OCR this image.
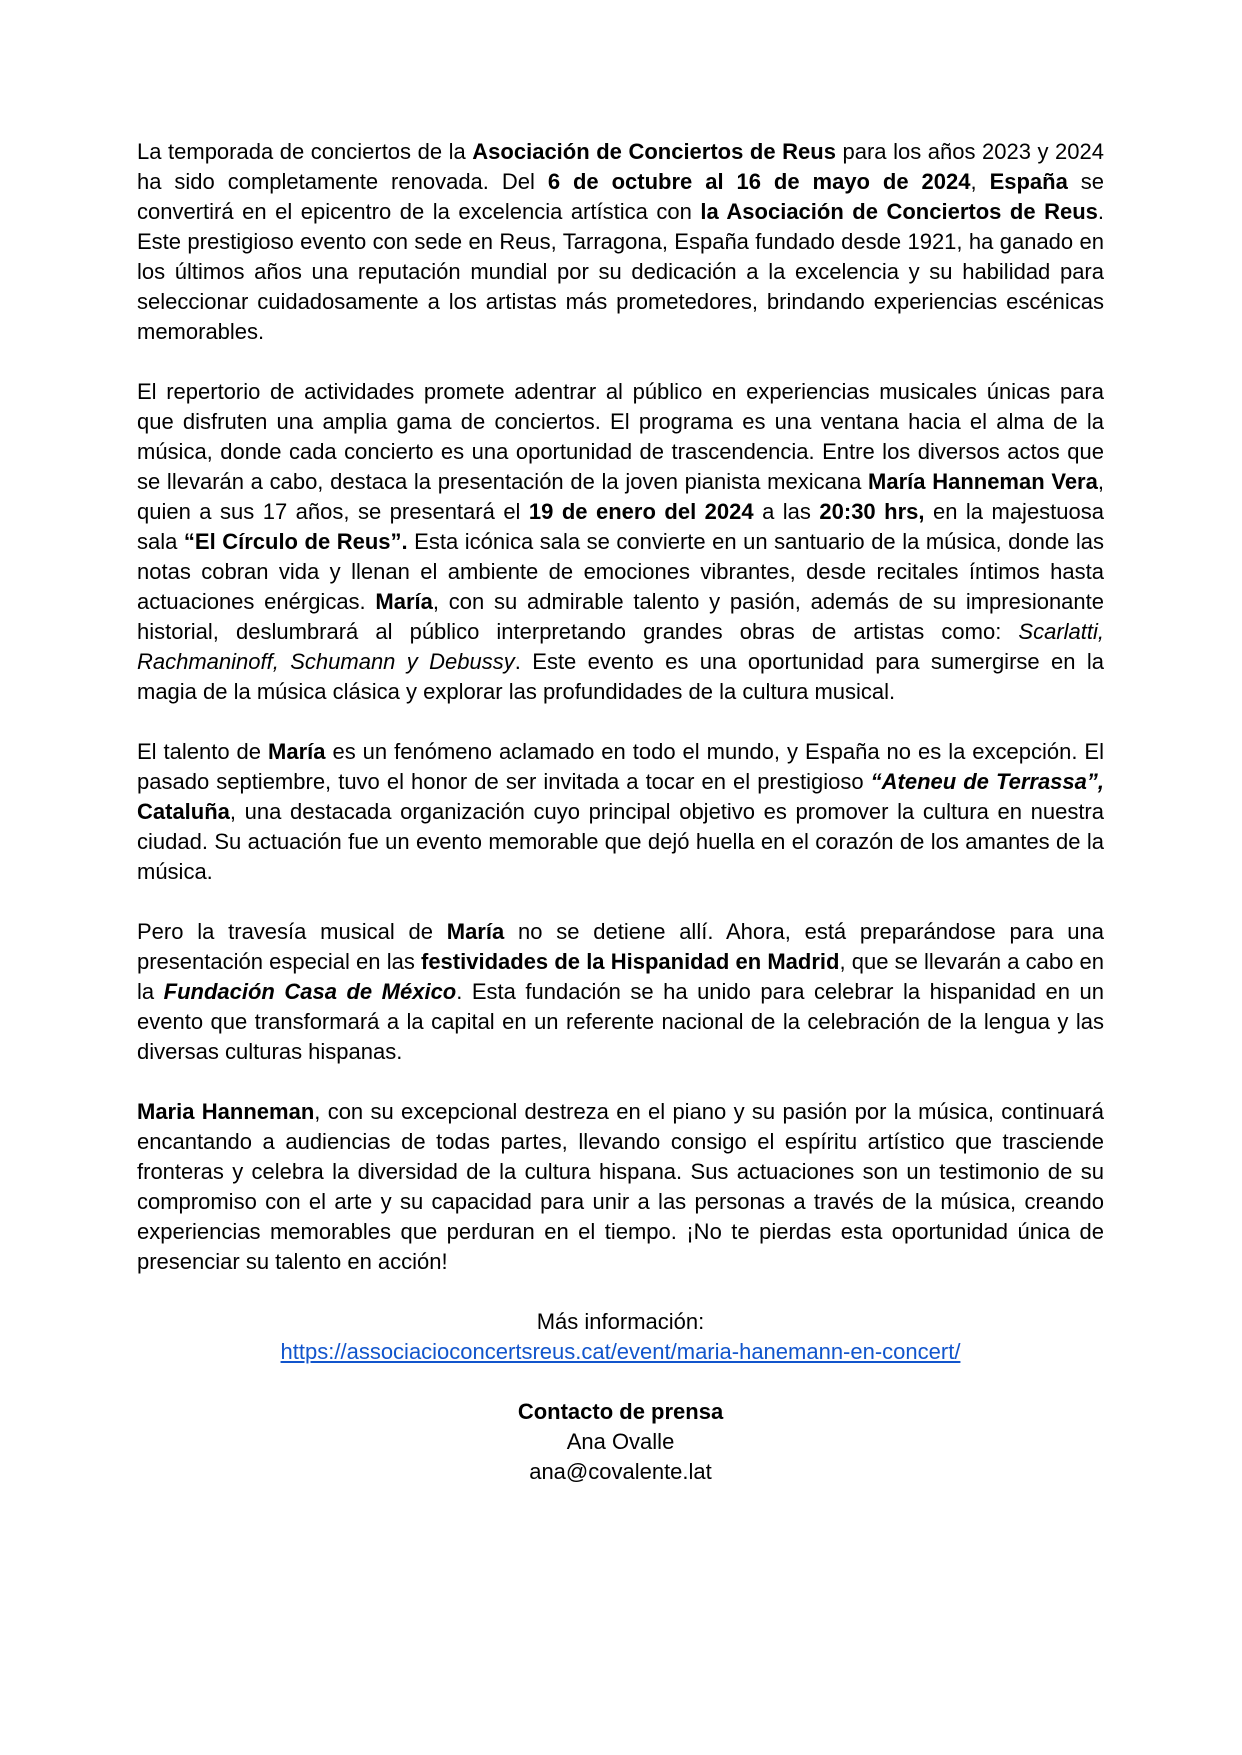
La temporada de conciertos de la Asociación de Conciertos de Reus para los años 2023 y 2024 ha sido completamente renovada. Del 6 de octubre al 16 de mayo de 2024, España se convertirá en el epicentro de la excelencia artística con la Asociación de Conciertos de Reus. Este prestigioso evento con sede en Reus, Tarragona, España fundado desde 1921, ha ganado en los últimos años una reputación mundial por su dedicación a la excelencia y su habilidad para seleccionar cuidadosamente a los artistas más prometedores, brindando experiencias escénicas memorables.

El repertorio de actividades promete adentrar al público en experiencias musicales únicas para que disfruten una amplia gama de conciertos. El programa es una ventana hacia el alma de la música, donde cada concierto es una oportunidad de trascendencia. Entre los diversos actos que se llevarán a cabo, destaca la presentación de la joven pianista mexicana María Hanneman Vera, quien a sus 17 años, se presentará el 19 de enero del 2024 a las 20:30 hrs, en la majestuosa sala “El Círculo de Reus”. Esta icónica sala se convierte en un santuario de la música, donde las notas cobran vida y llenan el ambiente de emociones vibrantes, desde recitales íntimos hasta actuaciones enérgicas. María, con su admirable talento y pasión, además de su impresionante historial, deslumbrará al público interpretando grandes obras de artistas como: Scarlatti, Rachmaninoff, Schumann y Debussy. Este evento es una oportunidad para sumergirse en la magia de la música clásica y explorar las profundidades de la cultura musical.

El talento de María es un fenómeno aclamado en todo el mundo, y España no es la excepción. El pasado septiembre, tuvo el honor de ser invitada a tocar en el prestigioso “Ateneu de Terrassa”, Cataluña, una destacada organización cuyo principal objetivo es promover la cultura en nuestra ciudad. Su actuación fue un evento memorable que dejó huella en el corazón de los amantes de la música.

Pero la travesía musical de María no se detiene allí. Ahora, está preparándose para una presentación especial en las festividades de la Hispanidad en Madrid, que se llevarán a cabo en la Fundación Casa de México. Esta fundación se ha unido para celebrar la hispanidad en un evento que transformará a la capital en un referente nacional de la celebración de la lengua y las diversas culturas hispanas.

Maria Hanneman, con su excepcional destreza en el piano y su pasión por la música, continuará encantando a audiencias de todas partes, llevando consigo el espíritu artístico que trasciende fronteras y celebra la diversidad de la cultura hispana. Sus actuaciones son un testimonio de su compromiso con el arte y su capacidad para unir a las personas a través de la música, creando experiencias memorables que perduran en el tiempo. ¡No te pierdas esta oportunidad única de presenciar su talento en acción!

Más información:
https://associacioconcertsreus.cat/event/maria-hanemann-en-concert/
Contacto de prensa
Ana Ovalle
ana@covalente.lat
